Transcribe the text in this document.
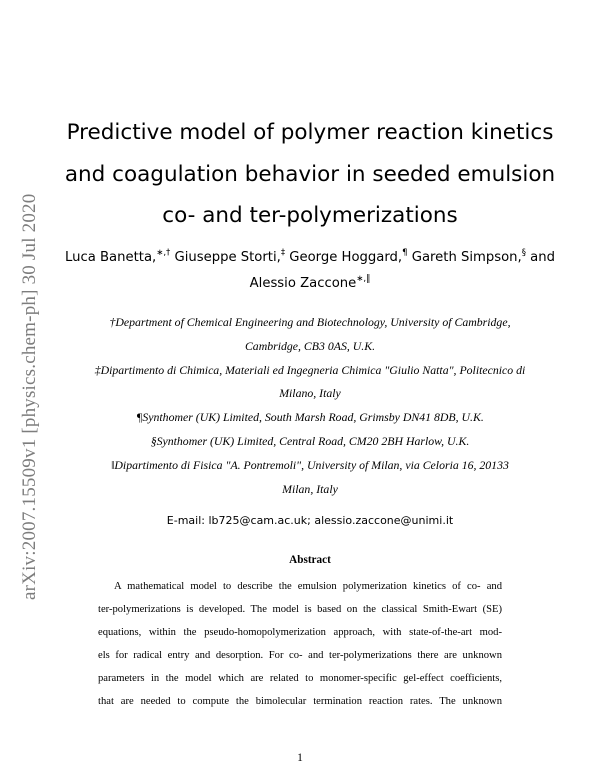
arXiv:2007.15509v1 [physics.chem-ph] 30 Jul 2020
Predictive model of polymer reaction kinetics
and coagulation behavior in seeded emulsion
co- and ter-polymerizations
Luca Banetta,∗,† Giuseppe Storti,‡ George Hoggard,¶ Gareth Simpson,§ and
Alessio Zaccone∗,‖
†Department of Chemical Engineering and Biotechnology, University of Cambridge,
Cambridge, CB3 0AS, U.K.
‡Dipartimento di Chimica, Materiali ed Ingegneria Chimica "Giulio Natta", Politecnico di
Milano, Italy
¶Synthomer (UK) Limited, South Marsh Road, Grimsby DN41 8DB, U.K.
§Synthomer (UK) Limited, Central Road, CM20 2BH Harlow, U.K.
‖Dipartimento di Fisica "A. Pontremoli", University of Milan, via Celoria 16, 20133
Milan, Italy
E-mail: lb725@cam.ac.uk; alessio.zaccone@unimi.it
Abstract
A mathematical model to describe the emulsion polymerization kinetics of co- and
ter-polymerizations is developed. The model is based on the classical Smith-Ewart (SE)
equations, within the pseudo-homopolymerization approach, with state-of-the-art mod-
els for radical entry and desorption. For co- and ter-polymerizations there are unknown
parameters in the model which are related to monomer-specific gel-effect coefficients,
that are needed to compute the bimolecular termination reaction rates. The unknown
1
